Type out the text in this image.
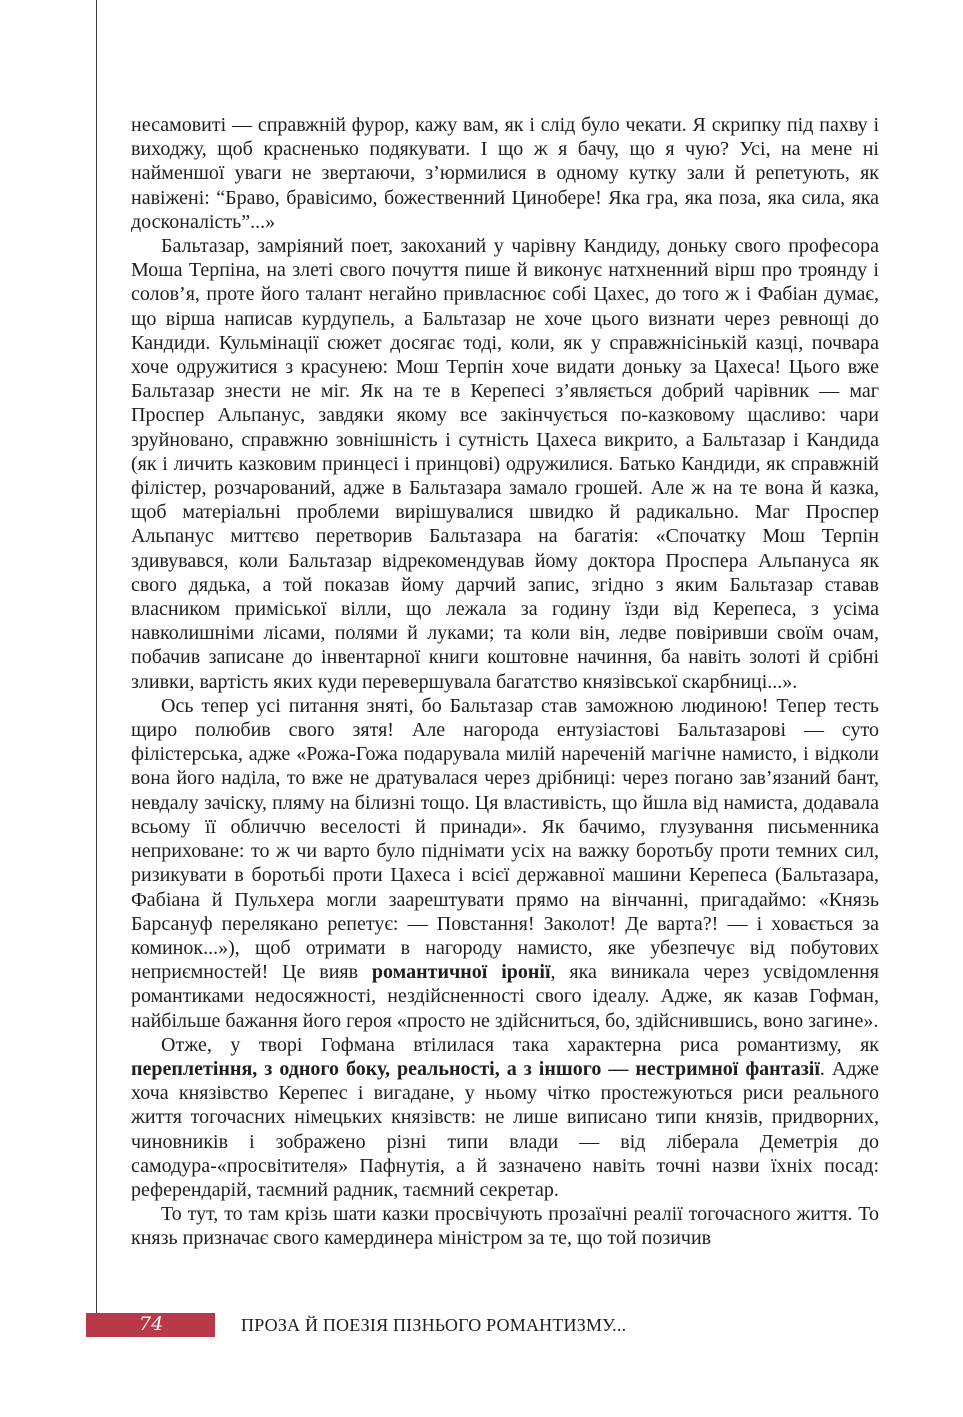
несамовиті — справжній фурор, кажу вам, як і слід було чекати. Я скрипку під пахву і виходжу, щоб красненько подякувати. І що ж я бачу, що я чую? Усі, на мене ні найменшої уваги не звертаючи, з’юрмилися в одному кутку зали й репетують, як навіжені: “Браво, бравісимо, божественний Цинобере! Яка гра, яка поза, яка сила, яка досконалість”...»

Бальтазар, замріяний поет, закоханий у чарівну Кандиду, доньку свого професора Моша Терпіна, на злеті свого почуття пише й виконує натхненний вірш про троянду і солов’я, проте його талант негайно привласнює собі Цахес, до того ж і Фабіан думає, що вірша написав курдупель, а Бальтазар не хоче цього визнати через ревнощі до Кандиди. Кульмінації сюжет досягає тоді, коли, як у справжнісінькій казці, почвара хоче одружитися з красунею: Мош Терпін хоче видати доньку за Цахеса! Цього вже Бальтазар знести не міг. Як на те в Керепесі з’являється добрий чарівник — маг Проспер Альпанус, завдяки якому все закінчується по-казковому щасливо: чари зруйновано, справжню зовнішність і сутність Цахеса викрито, а Бальтазар і Кандида (як і личить казковим принцесі і принцові) одружилися. Батько Кандиди, як справжній філістер, розчарований, адже в Бальтазара замало грошей. Але ж на те вона й казка, щоб матеріальні проблеми вирішувалися швидко й радикально. Маг Проспер Альпанус миттєво перетворив Бальтазара на багатія: «Спочатку Мош Терпін здивувався, коли Бальтазар відрекомендував йому доктора Проспера Альпануса як свого дядька, а той показав йому дарчий запис, згідно з яким Бальтазар ставав власником приміської вілли, що лежала за годину їзди від Керепеса, з усіма навколишніми лісами, полями й луками; та коли він, ледве повіривши своїм очам, побачив записане до інвентарної книги коштовне начиння, ба навіть золоті й срібні зливки, вартість яких куди перевершувала багатство князівської скарбниці...».

Ось тепер усі питання зняті, бо Бальтазар став заможною людиною! Тепер тесть щиро полюбив свого зятя! Але нагорода ентузіастові Бальтазарові — суто філістерська, адже «Рожа-Гожа подарувала милій нареченій магічне намисто, і відколи вона його наділа, то вже не дратувалася через дрібниці: через погано зав’язаний бант, невдалу зачіску, пляму на білизні тощо. Ця властивість, що йшла від намиста, додавала всьому її обличчю веселості й принади». Як бачимо, глузування письменника неприховане: то ж чи варто було піднімати усіх на важку боротьбу проти темних сил, ризикувати в боротьбі проти Цахеса і всієї державної машини Керепеса (Бальтазара, Фабіана й Пульхера могли заарештувати прямо на вінчанні, пригадаймо: «Князь Барсануф переляканo репетує: — Повстання! Заколот! Де варта?! — і ховається за коминок...»), щоб отримати в нагороду намисто, яке убезпечує від побутових неприємностей! Це вияв романтичної іронії, яка виникала через усвідомлення романтиками недосяжності, нездійсненності свого ідеалу. Адже, як казав Гофман, найбільше бажання його героя «просто не здійсниться, бо, здійснившись, воно загине».

Отже, у творі Гофмана втілилася така характерна риса романтизму, як переплетіння, з одного боку, реальності, а з іншого — нестримної фантазії. Адже хоча князівство Керепес і вигадане, у ньому чітко простежуються риси реального життя тогочасних німецьких князівств: не лише виписано типи князів, придворних, чиновників і зображено різні типи влади — від ліберала Деметрія до самодура-«просвітителя» Пафнутія, а й зазначено навіть точні назви їхніх посад: референдарій, таємний радник, таємний секретар.

То тут, то там крізь шати казки просвічують прозаїчні реалії тогочасного життя. То князь призначає свого камердинера міністром за те, що той позичив

74	ПРОЗА Й ПОЕЗІЯ ПІЗНЬОГО РОМАНТИЗМУ...
